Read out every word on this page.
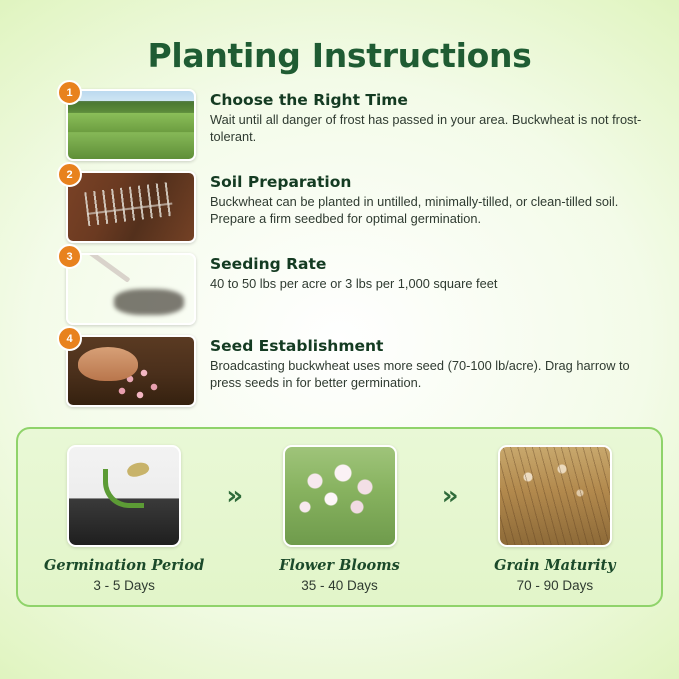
Planting Instructions
1	Choose the Right Time
Wait until all danger of frost has passed in your area. Buckwheat is not frost-tolerant.
2	Soil Preparation
Buckwheat can be planted in untilled, minimally-tilled, or clean-tilled soil. Prepare a firm seedbed for optimal germination.
3	Seeding Rate
40 to 50 lbs per acre or 3 lbs per 1,000 square feet
4	Seed Establishment
Broadcasting buckwheat uses more seed (70-100 lb/acre). Drag harrow to press seeds in for better germination.
Germination Period
3 - 5 Days
»
Flower Blooms
35 - 40 Days
»
Grain Maturity
70 - 90 Days
